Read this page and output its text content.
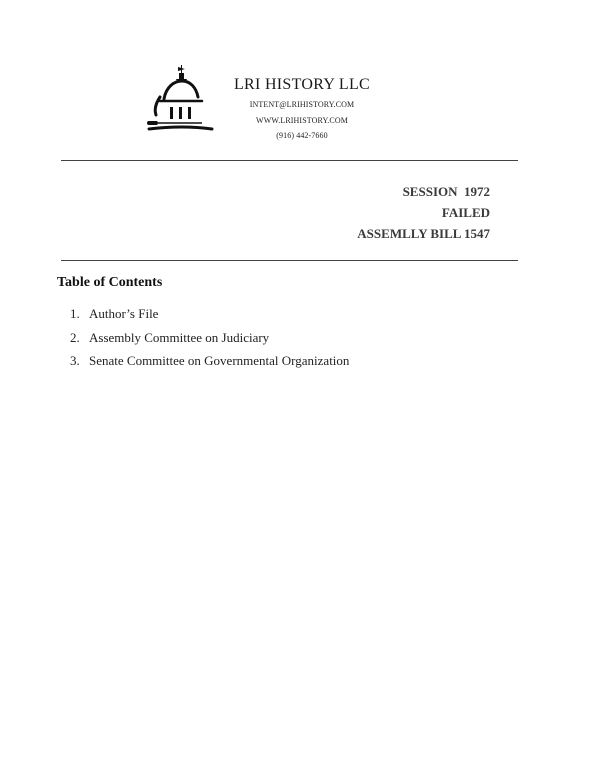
LRI HISTORY LLC
INTENT@LRIHISTORY.COM
WWW.LRIHISTORY.COM
(916) 442-7660
SESSION  1972
FAILED
ASSEMLLY BILL 1547
Table of Contents
1. Author’s File
2. Assembly Committee on Judiciary
3. Senate Committee on Governmental Organization
